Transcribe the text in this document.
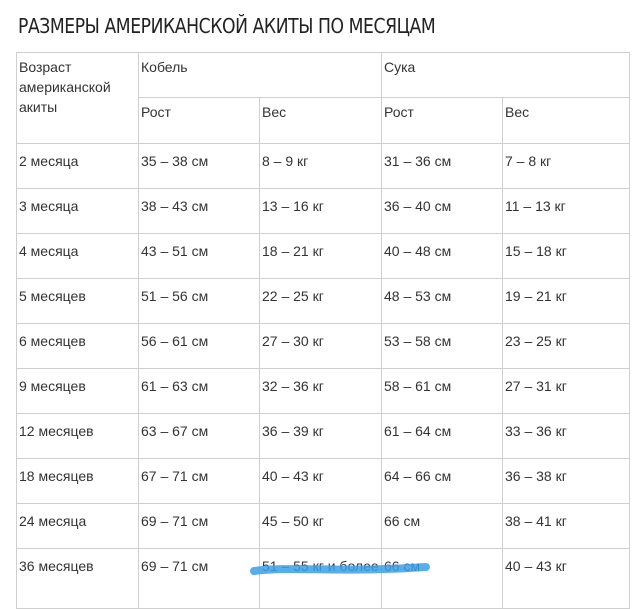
РАЗМЕРЫ АМЕРИКАНСКОЙ АКИТЫ ПО МЕСЯЦАМ
Возраст американской акиты	Кобель		Сука	
	Рост	Вес	Рост	Вес
2 месяца	35 – 38 см	8 – 9 кг	31 – 36 см	7 – 8 кг
3 месяца	38 – 43 см	13 – 16 кг	36 – 40 см	11 – 13 кг
4 месяца	43 – 51 см	18 – 21 кг	40 – 48 см	15 – 18 кг
5 месяцев	51 – 56 см	22 – 25 кг	48 – 53 см	19 – 21 кг
6 месяцев	56 – 61 см	27 – 30 кг	53 – 58 см	23 – 25 кг
9 месяцев	61 – 63 см	32 – 36 кг	58 – 61 см	27 – 31 кг
12 месяцев	63 – 67 см	36 – 39 кг	61 – 64 см	33 – 36 кг
18 месяцев	67 – 71 см	40 – 43 кг	64 – 66 см	36 – 38 кг
24 месяца	69 – 71 см	45 – 50 кг	66 см	38 – 41 кг
36 месяцев	69 – 71 см	51 – 55 кг и более	66 см	40 – 43 кг
